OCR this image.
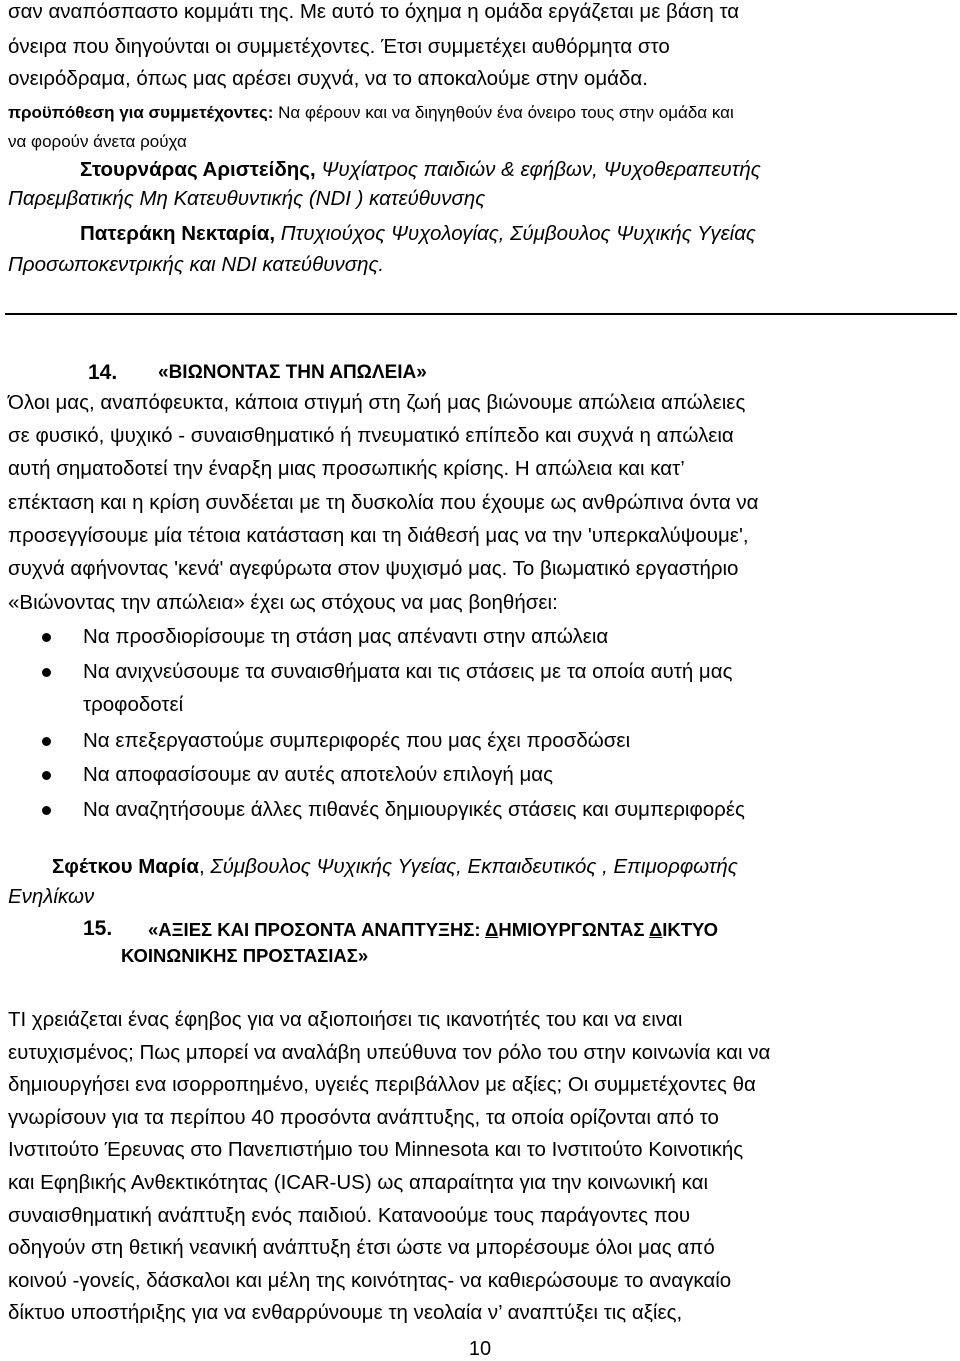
σαν αναπόσπαστο κομμάτι της. Με αυτό το όχημα η ομάδα εργάζεται με βάση τα
όνειρα που διηγούνται οι συμμετέχοντες. Έτσι συμμετέχει αυθόρμητα στο
ονειρόδραμα, όπως μας αρέσει συχνά, να το αποκαλούμε στην ομάδα.
προϋπόθεση για συμμετέχοντες: Να φέρουν και να διηγηθούν ένα όνειρο τους στην ομάδα και
να φορούν άνετα ρούχα
Στουρνάρας Αριστείδης, Ψυχίατρος παιδιών & εφήβων, Ψυχοθεραπευτής
Παρεμβατικής Μη Κατευθυντικής (NDI ) κατεύθυνσης
Πατεράκη Νεκταρία, Πτυχιούχος Ψυχολογίας, Σύμβουλος Ψυχικής Υγείας
Προσωποκεντρικής και NDI κατεύθυνσης.
14. «ΒΙΩΝΟΝΤΑΣ ΤΗΝ ΑΠΩΛΕΙΑ»
Όλοι μας, αναπόφευκτα, κάποια στιγμή στη ζωή μας βιώνουμε απώλεια απώλειες
σε φυσικό, ψυχικό - συναισθηματικό ή πνευματικό επίπεδο και συχνά η απώλεια
αυτή σηματοδοτεί την έναρξη μιας προσωπικής κρίσης. Η απώλεια και κατ’
επέκταση και η κρίση συνδέεται με τη δυσκολία που έχουμε ως ανθρώπινα όντα να
προσεγγίσουμε μία τέτοια κατάσταση και τη διάθεσή μας να την 'υπερκαλύψουμε',
συχνά αφήνοντας 'κενά' αγεφύρωτα στον ψυχισμό μας. Το βιωματικό εργαστήριο
«Βιώνοντας την απώλεια» έχει ως στόχους να μας βοηθήσει:
Να προσδιορίσουμε τη στάση μας απέναντι στην απώλεια
Να ανιχνεύσουμε τα συναισθήματα και τις στάσεις με τα οποία αυτή μας
τροφοδοτεί
Να επεξεργαστούμε συμπεριφορές που μας έχει προσδώσει
Να αποφασίσουμε αν αυτές αποτελούν επιλογή μας
Να αναζητήσουμε άλλες πιθανές δημιουργικές στάσεις και συμπεριφορές
Σφέτκου Μαρία, Σύμβουλος Ψυχικής Υγείας, Εκπαιδευτικός , Επιμορφωτής
Ενηλίκων
15. «ΑΞΙΕΣ ΚΑΙ ΠΡΟΣΟΝΤΑ ΑΝΑΠΤΥΞΗΣ: ΔΗΜΙΟΥΡΓΩΝΤΑΣ ΔΙΚΤΥΟ
ΚΟΙΝΩΝΙΚΗΣ ΠΡΟΣΤΑΣΙΑΣ»
ΤΙ χρειάζεται ένας έφηβος για να αξιοπoιήσει τις ικανοτήτές του και να ειναι
ευτυχισμένος; Πως μπορεί να αναλάβη υπεύθυνα τον ρόλο του στην κοινωνία και να
δημιουργήσει ενα ισορροπημένο, υγειές περιβάλλον με αξίες; Οι συμμετέχοντες θα
γνωρίσουν για τα περίπου 40 προσόντα ανάπτυξης, τα οποία ορίζονται από το
Ινστιτούτο Έρευνας στο Πανεπιστήμιο του Minnesota και το Ινστιτούτο Κοινοτικής
και Εφηβικής Ανθεκτικότητας (ICAR-US) ως απαραίτητα για την κοινωνική και
συναισθηματική ανάπτυξη ενός παιδιού. Κατανοούμε τους παράγοντες που
οδηγούν στη θετική νεανική ανάπτυξη έτσι ώστε να μπορέσουμε όλοι μας από
κοινού -γονείς, δάσκαλοι και μέλη της κοινότητας- να καθιερώσουμε το αναγκαίο
δίκτυο υποστήριξης για να ενθαρρύνουμε τη νεολαία ν’ αναπτύξει τις αξίες,
10
